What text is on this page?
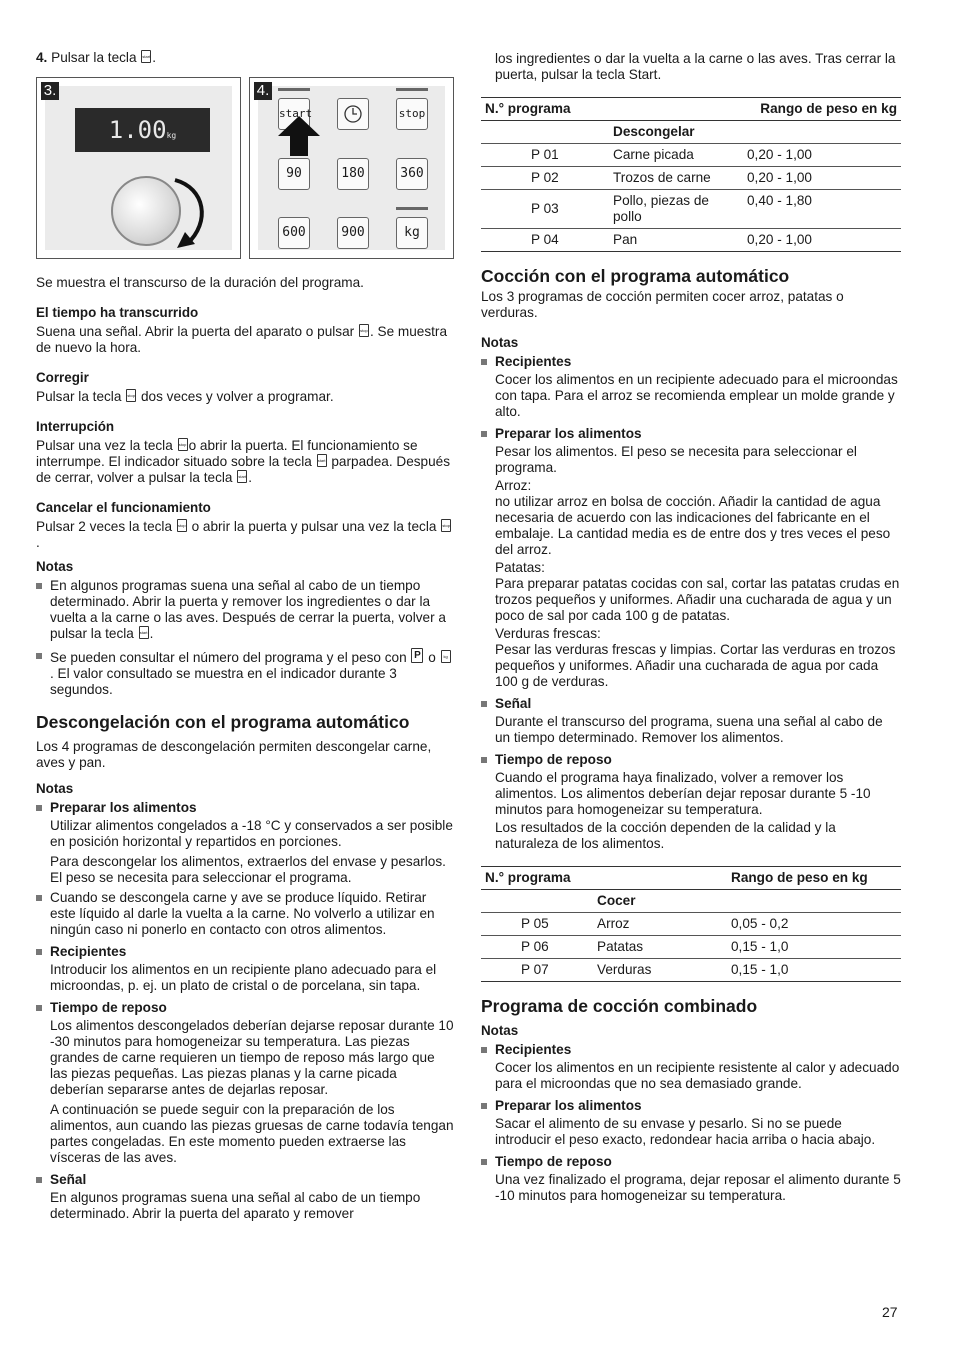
4. Pulsar la tecla start .
1.00kg
3.
start	stop
90	180	360
600	900	kg
4.

Se muestra el transcurso de la duración del programa.

El tiempo ha transcurrido

Suena una señal. Abrir la puerta del aparato o pulsar stop . Se muestra de nuevo la hora.

Corregir

Pulsar la tecla stop dos veces y volver a programar.

Interrupción

Pulsar una vez la tecla stop o abrir la puerta. El funcionamiento se interrumpe. El indicador situado sobre la tecla start parpadea. Después de cerrar, volver a pulsar la tecla start .

Cancelar el funcionamiento

Pulsar 2 veces la tecla stop o abrir la puerta y pulsar una vez la tecla stop.

Notas
En algunos programas suena una señal al cabo de un tiempo determinado. Abrir la puerta y remover los ingredientes o dar la vuelta a la carne o las aves. Después de cerrar la puerta, volver a pulsar la tecla start .
Se pueden consultar el número del programa y el peso con P o kg. El valor consultado se muestra en el indicador durante 3 segundos.
Descongelación con el programa automático

Los 4 programas de descongelación permiten descongelar carne, aves y pan.

Notas
Preparar los alimentos

Utilizar alimentos congelados a -18 °C y conservados a ser posible en posición horizontal y repartidos en porciones.

Para descongelar los alimentos, extraerlos del envase y pesarlos. El peso se necesita para seleccionar el programa.

Cuando se descongela carne y ave se produce líquido. Retirar este líquido al darle la vuelta a la carne. No volverlo a utilizar en ningún caso ni ponerlo en contacto con otros alimentos.
Recipientes

Introducir los alimentos en un recipiente plano adecuado para el microondas, p. ej. un plato de cristal o de porcelana, sin tapa.

Tiempo de reposo

Los alimentos descongelados deberían dejarse reposar durante 10 -30 minutos para homogeneizar su temperatura. Las piezas grandes de carne requieren un tiempo de reposo más largo que las piezas pequeñas. Las piezas planas y la carne picada deberían separarse antes de dejarlas reposar.

A continuación se puede seguir con la preparación de los alimentos, aun cuando las piezas gruesas de carne todavía tengan partes congeladas. En este momento pueden extraerse las vísceras de las aves.

Señal

En algunos programas suena una señal al cabo de un tiempo determinado. Abrir la puerta del aparato y remover

los ingredientes o dar la vuelta a la carne o las aves. Tras cerrar la puerta, pulsar la tecla Start.

N.° programa		Rango de peso en kg
	Descongelar	
P 01	Carne picada	0,20 - 1,00
P 02	Trozos de carne	0,20 - 1,00
P 03	Pollo, piezas de pollo	0,40 - 1,80
P 04	Pan	0,20 - 1,00
Cocción con el programa automático

Los 3 programas de cocción permiten cocer arroz, patatas o verduras.

Notas
Recipientes

Cocer los alimentos en un recipiente adecuado para el microondas con tapa. Para el arroz se recomienda emplear un molde grande y alto.

Preparar los alimentos

Pesar los alimentos. El peso se necesita para seleccionar el programa.

Arroz:
no utilizar arroz en bolsa de cocción. Añadir la cantidad de agua necesaria de acuerdo con las indicaciones del fabricante en el embalaje. La cantidad media es de entre dos y tres veces el peso del arroz.

Patatas:
Para preparar patatas cocidas con sal, cortar las patatas crudas en trozos pequeños y uniformes. Añadir una cucharada de agua y un poco de sal por cada 100 g de patatas.

Verduras frescas:
Pesar las verduras frescas y limpias. Cortar las verduras en trozos pequeños y uniformes. Añadir una cucharada de agua por cada 100 g de verduras.

Señal

Durante el transcurso del programa, suena una señal al cabo de un tiempo determinado. Remover los alimentos.

Tiempo de reposo

Cuando el programa haya finalizado, volver a remover los alimentos. Los alimentos deberían dejar reposar durante 5 -10 minutos para homogeneizar su temperatura.

Los resultados de la cocción dependen de la calidad y la naturaleza de los alimentos.

N.° programa		Rango de peso en kg
	Cocer	
P 05	Arroz	0,05 - 0,2
P 06	Patatas	0,15 - 1,0
P 07	Verduras	0,15 - 1,0
Programa de cocción combinado
Notas
Recipientes

Cocer los alimentos en un recipiente resistente al calor y adecuado para el microondas que no sea demasiado grande.

Preparar los alimentos

Sacar el alimento de su envase y pesarlo. Si no se puede introducir el peso exacto, redondear hacia arriba o hacia abajo.

Tiempo de reposo

Una vez finalizado el programa, dejar reposar el alimento durante 5 -10 minutos para homogeneizar su temperatura.

27
